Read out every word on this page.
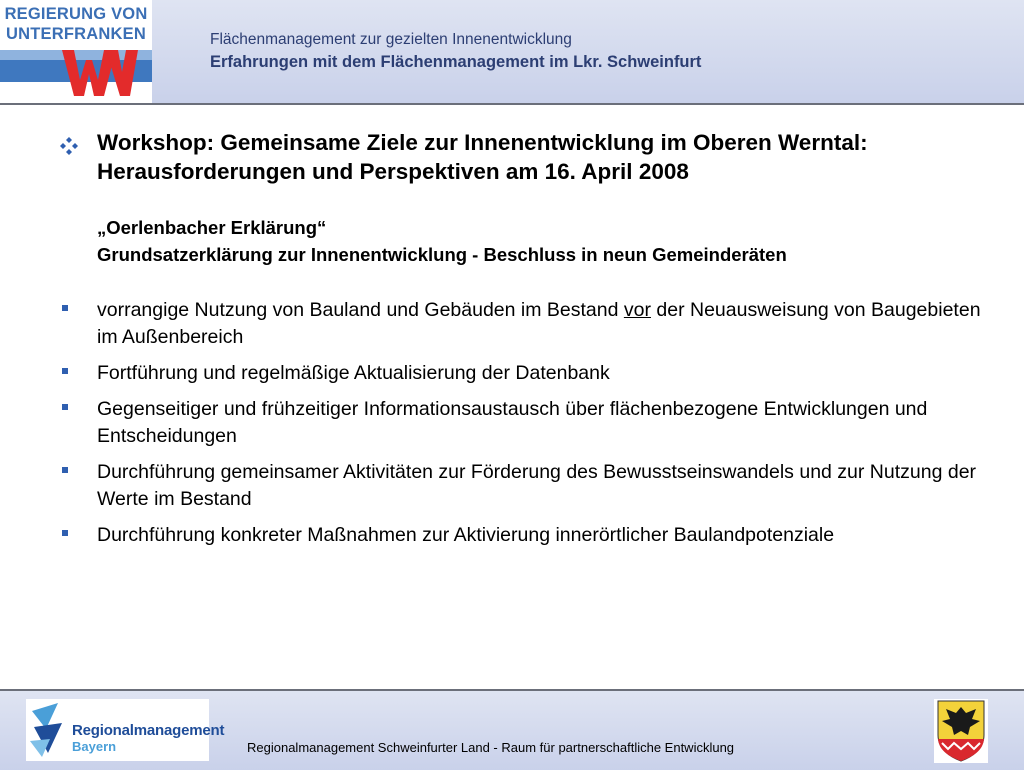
REGIERUNG VON
UNTERFRANKEN	Flächenmanagement zur gezielten Innenentwicklung
Erfahrungen mit dem Flächenmanagement im Lkr. Schweinfurt
Workshop: Gemeinsame Ziele zur Innenentwicklung im Oberen Werntal:
Herausforderungen und Perspektiven am 16. April 2008
„Oerlenbacher Erklärung“
Grundsatzerklärung zur Innenentwicklung - Beschluss in neun Gemeinderäten
vorrangige Nutzung von Bauland und Gebäuden im Bestand vor der Neuausweisung von Baugebieten im Außenbereich
Fortführung und regelmäßige Aktualisierung der Datenbank
Gegenseitiger und frühzeitiger Informationsaustausch über flächenbezogene Entwicklungen und Entscheidungen
Durchführung gemeinsamer Aktivitäten zur Förderung des Bewusstseinswandels und zur Nutzung der Werte im Bestand
Durchführung konkreter Maßnahmen zur Aktivierung innerörtlicher Baulandpotenziale
Regionalmanagement
Bayern	Regionalmanagement Schweinfurter Land - Raum für partnerschaftliche Entwicklung
